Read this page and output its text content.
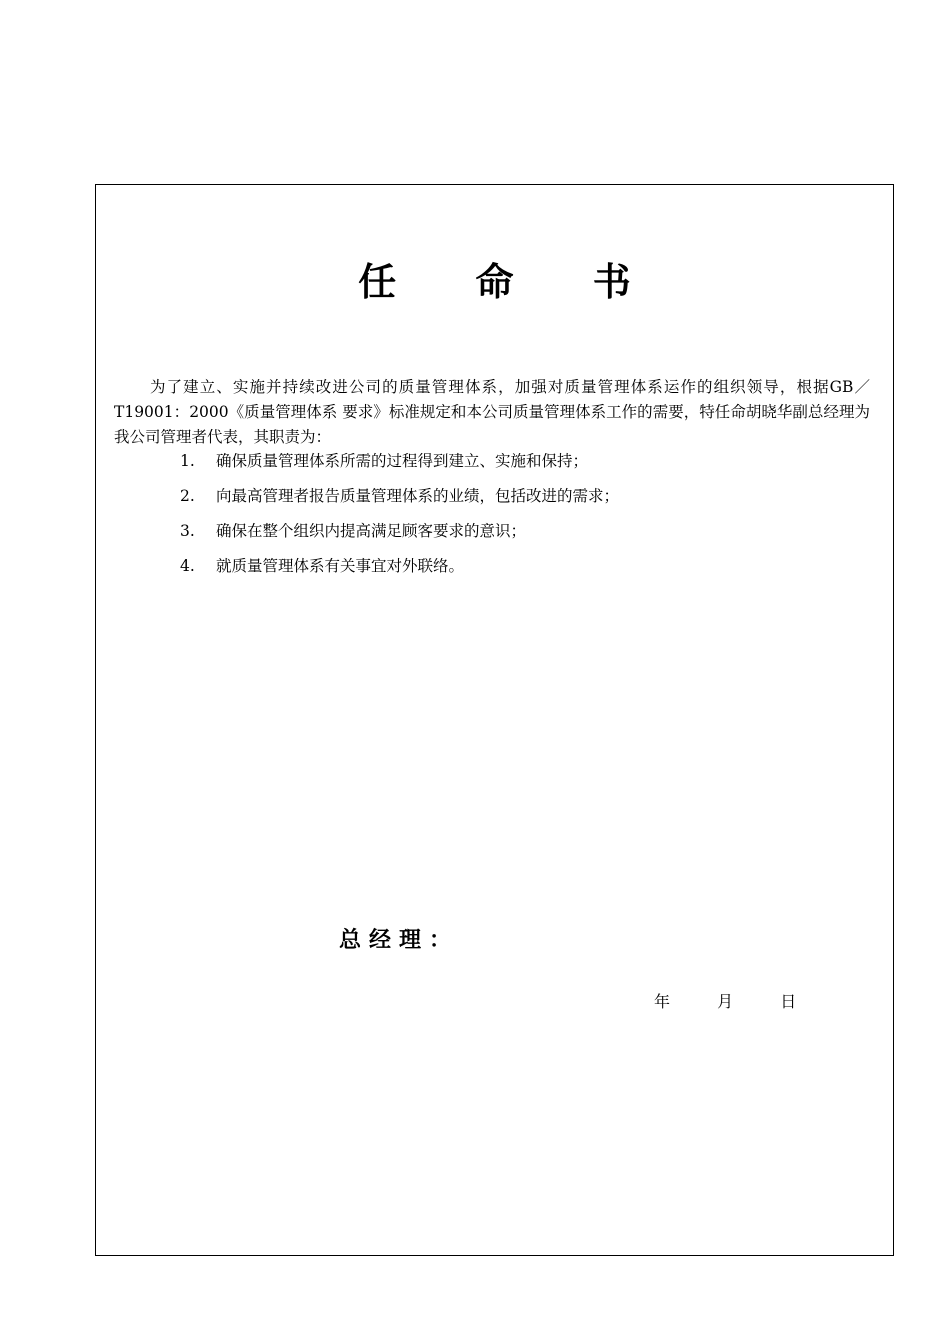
任 命 书
为了建立、实施并持续改进公司的质量管理体系，加强对质量管理体系运作的组织领导，根据GB／T19001：2000《质量管理体系 要求》标准规定和本公司质量管理体系工作的需要，特任命胡晓华副总经理为我公司管理者代表，其职责为：
1. 确保质量管理体系所需的过程得到建立、实施和保持；
2. 向最高管理者报告质量管理体系的业绩，包括改进的需求；
3. 确保在整个组织内提高满足顾客要求的意识；
4. 就质量管理体系有关事宜对外联络。
总经理：
年	月	日
